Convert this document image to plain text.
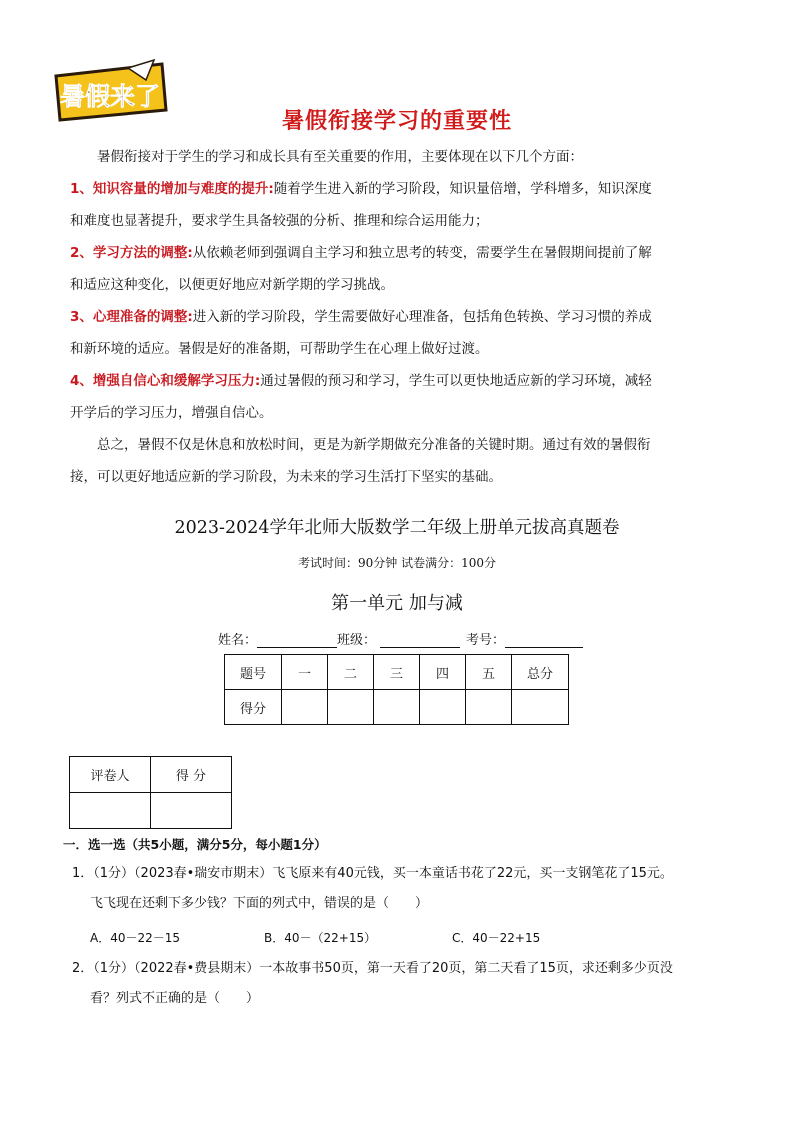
暑假来了
暑假衔接学习的重要性
暑假衔接对于学生的学习和成长具有至关重要的作用，主要体现在以下几个方面：
1、知识容量的增加与难度的提升:随着学生进入新的学习阶段，知识量倍增，学科增多，知识深度
和难度也显著提升，要求学生具备较强的分析、推理和综合运用能力；
2、学习方法的调整:从依赖老师到强调自主学习和独立思考的转变，需要学生在暑假期间提前了解
和适应这种变化，以便更好地应对新学期的学习挑战。
3、心理准备的调整:进入新的学习阶段，学生需要做好心理准备，包括角色转换、学习习惯的养成
和新环境的适应。暑假是好的准备期，可帮助学生在心理上做好过渡。
4、增强自信心和缓解学习压力:通过暑假的预习和学习，学生可以更快地适应新的学习环境，减轻
开学后的学习压力，增强自信心。
总之，暑假不仅是休息和放松时间，更是为新学期做充分准备的关键时期。通过有效的暑假衔
接，可以更好地适应新的学习阶段，为未来的学习生活打下坚实的基础。
2023-2024学年北师大版数学二年级上册单元拔高真题卷
考试时间：90分钟 试卷满分：100分
第一单元 加与减
姓名：	班级：	考号：
题号	一	二	三	四	五	总分
得分						
评卷人	得 分

一．选一选（共5小题，满分5分，每小题1分）
1．（1分）（2023春•瑞安市期末）飞飞原来有40元钱，买一本童话书花了22元，买一支钢笔花了15元。
飞飞现在还剩下多少钱？下面的列式中，错误的是（　　）
A．40－22－15	B．40－（22+15）	C．40－22+15
2．（1分）（2022春•费县期末）一本故事书50页，第一天看了20页，第二天看了15页，求还剩多少页没
看？列式不正确的是（　　）
